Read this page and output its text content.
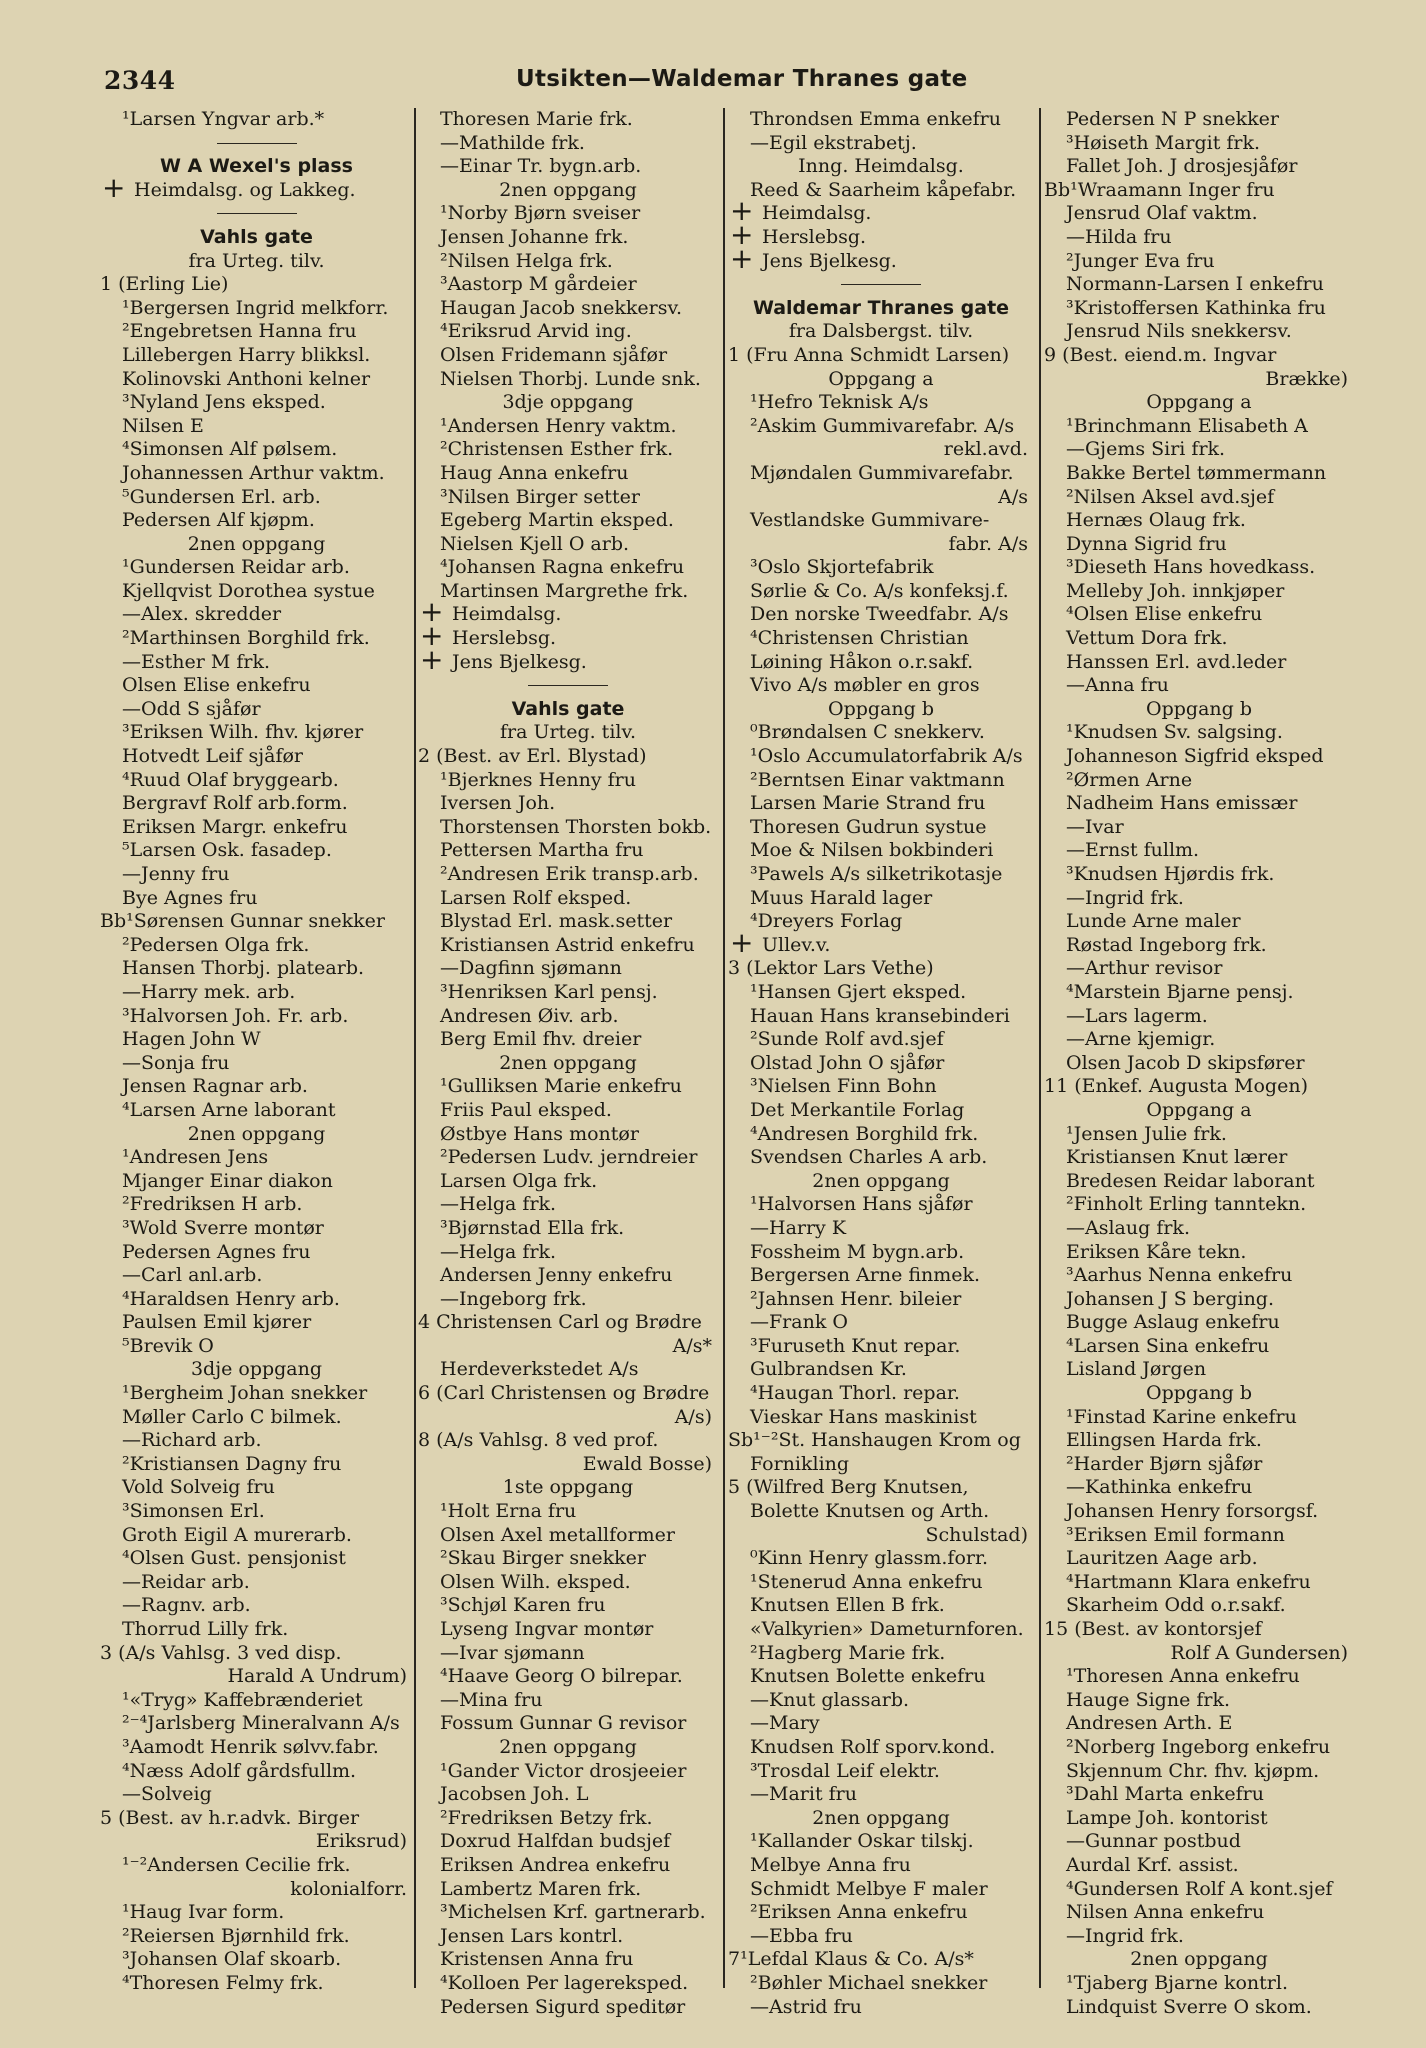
2344	Utsikten—Waldemar Thranes gate
¹Larsen Yngvar arb.*
W A Wexel's plass
+ Heimdalsg. og Lakkeg.
Vahls gate
fra Urteg. tilv.
1 (Erling Lie)
¹Bergersen Ingrid melkforr.
²Engebretsen Hanna fru
Lillebergen Harry blikksl.
Kolinovski Anthoni kelner
³Nyland Jens eksped.
Nilsen E
⁴Simonsen Alf pølsem.
Johannessen Arthur vaktm.
⁵Gundersen Erl. arb.
Pedersen Alf kjøpm.
2nen oppgang
¹Gundersen Reidar arb.
Kjellqvist Dorothea systue
—Alex. skredder
²Marthinsen Borghild frk.
—Esther M frk.
Olsen Elise enkefru
—Odd S sjåfør
³Eriksen Wilh. fhv. kjører
Hotvedt Leif sjåfør
⁴Ruud Olaf bryggearb.
Bergravf Rolf arb.form.
Eriksen Margr. enkefru
⁵Larsen Osk. fasadep.
—Jenny fru
Bye Agnes fru
Bb¹Sørensen Gunnar snekker
²Pedersen Olga frk.
Hansen Thorbj. platearb.
—Harry mek. arb.
³Halvorsen Joh. Fr. arb.
Hagen John W
—Sonja fru
Jensen Ragnar arb.
⁴Larsen Arne laborant
2nen oppgang
¹Andresen Jens
Mjanger Einar diakon
²Fredriksen H arb.
³Wold Sverre montør
Pedersen Agnes fru
—Carl anl.arb.
⁴Haraldsen Henry arb.
Paulsen Emil kjører
⁵Brevik O
3dje oppgang
¹Bergheim Johan snekker
Møller Carlo C bilmek.
—Richard arb.
²Kristiansen Dagny fru
Vold Solveig fru
³Simonsen Erl.
Groth Eigil A murerarb.
⁴Olsen Gust. pensjonist
—Reidar arb.
—Ragnv. arb.
Thorrud Lilly frk.
3 (A/s Vahlsg. 3 ved disp.
Harald A Undrum)
¹«Tryg» Kaffebrænderiet
²⁻⁴Jarlsberg Mineralvann A/s
³Aamodt Henrik sølvv.fabr.
⁴Næss Adolf gårdsfullm.
—Solveig
5 (Best. av h.r.advk. Birger
Eriksrud)
¹⁻²Andersen Cecilie frk.
kolonialforr.
¹Haug Ivar form.
²Reiersen Bjørnhild frk.
³Johansen Olaf skoarb.
⁴Thoresen Felmy frk.
Thoresen Marie frk.
—Mathilde frk.
—Einar Tr. bygn.arb.
2nen oppgang
¹Norby Bjørn sveiser
Jensen Johanne frk.
²Nilsen Helga frk.
³Aastorp M gårdeier
Haugan Jacob snekkersv.
⁴Eriksrud Arvid ing.
Olsen Fridemann sjåfør
Nielsen Thorbj. Lunde snk.
3dje oppgang
¹Andersen Henry vaktm.
²Christensen Esther frk.
Haug Anna enkefru
³Nilsen Birger setter
Egeberg Martin eksped.
Nielsen Kjell O arb.
⁴Johansen Ragna enkefru
Martinsen Margrethe frk.
+ Heimdalsg.
+ Herslebsg.
+ Jens Bjelkesg.
Vahls gate
fra Urteg. tilv.
2 (Best. av Erl. Blystad)
¹Bjerknes Henny fru
Iversen Joh.
Thorstensen Thorsten bokb.
Pettersen Martha fru
²Andresen Erik transp.arb.
Larsen Rolf eksped.
Blystad Erl. mask.setter
Kristiansen Astrid enkefru
—Dagfinn sjømann
³Henriksen Karl pensj.
Andresen Øiv. arb.
Berg Emil fhv. dreier
2nen oppgang
¹Gulliksen Marie enkefru
Friis Paul eksped.
Østbye Hans montør
²Pedersen Ludv. jerndreier
Larsen Olga frk.
—Helga frk.
³Bjørnstad Ella frk.
—Helga frk.
Andersen Jenny enkefru
—Ingeborg frk.
4 Christensen Carl og Brødre
A/s*
Herdeverkstedet A/s
6 (Carl Christensen og Brødre
A/s)
8 (A/s Vahlsg. 8 ved prof.
Ewald Bosse)
1ste oppgang
¹Holt Erna fru
Olsen Axel metallformer
²Skau Birger snekker
Olsen Wilh. eksped.
³Schjøl Karen fru
Lyseng Ingvar montør
—Ivar sjømann
⁴Haave Georg O bilrepar.
—Mina fru
Fossum Gunnar G revisor
2nen oppgang
¹Gander Victor drosjeeier
Jacobsen Joh. L
²Fredriksen Betzy frk.
Doxrud Halfdan budsjef
Eriksen Andrea enkefru
Lambertz Maren frk.
³Michelsen Krf. gartnerarb.
Jensen Lars kontrl.
Kristensen Anna fru
⁴Kolloen Per lagereksped.
Pedersen Sigurd speditør
Throndsen Emma enkefru
—Egil ekstrabetj.
Inng. Heimdalsg.
Reed & Saarheim kåpefabr.
+ Heimdalsg.
+ Herslebsg.
+ Jens Bjelkesg.
Waldemar Thranes gate
fra Dalsbergst. tilv.
1 (Fru Anna Schmidt Larsen)
Oppgang a
¹Hefro Teknisk A/s
²Askim Gummivarefabr. A/s
rekl.avd.
Mjøndalen Gummivarefabr.
A/s
Vestlandske Gummivare-
fabr. A/s
³Oslo Skjortefabrik
Sørlie & Co. A/s konfeksj.f.
Den norske Tweedfabr. A/s
⁴Christensen Christian
Løining Håkon o.r.sakf.
Vivo A/s møbler en gros
Oppgang b
⁰Brøndalsen C snekkerv.
¹Oslo Accumulatorfabrik A/s
²Berntsen Einar vaktmann
Larsen Marie Strand fru
Thoresen Gudrun systue
Moe & Nilsen bokbinderi
³Pawels A/s silketrikotasje
Muus Harald lager
⁴Dreyers Forlag
+ Ullev.v.
3 (Lektor Lars Vethe)
¹Hansen Gjert eksped.
Hauan Hans kransebinderi
²Sunde Rolf avd.sjef
Olstad John O sjåfør
³Nielsen Finn Bohn
Det Merkantile Forlag
⁴Andresen Borghild frk.
Svendsen Charles A arb.
2nen oppgang
¹Halvorsen Hans sjåfør
—Harry K
Fossheim M bygn.arb.
Bergersen Arne finmek.
²Jahnsen Henr. bileier
—Frank O
³Furuseth Knut repar.
Gulbrandsen Kr.
⁴Haugan Thorl. repar.
Vieskar Hans maskinist
Sb¹⁻²St. Hanshaugen Krom og
Fornikling
5 (Wilfred Berg Knutsen,
Bolette Knutsen og Arth.
Schulstad)
⁰Kinn Henry glassm.forr.
¹Stenerud Anna enkefru
Knutsen Ellen B frk.
«Valkyrien» Dameturnforen.
²Hagberg Marie frk.
Knutsen Bolette enkefru
—Knut glassarb.
—Mary
Knudsen Rolf sporv.kond.
³Trosdal Leif elektr.
—Marit fru
2nen oppgang
¹Kallander Oskar tilskj.
Melbye Anna fru
Schmidt Melbye F maler
²Eriksen Anna enkefru
—Ebba fru
7¹Lefdal Klaus & Co. A/s*
²Bøhler Michael snekker
—Astrid fru
Pedersen N P snekker
³Høiseth Margit frk.
Fallet Joh. J drosjesjåfør
Bb¹Wraamann Inger fru
Jensrud Olaf vaktm.
—Hilda fru
²Junger Eva fru
Normann-Larsen I enkefru
³Kristoffersen Kathinka fru
Jensrud Nils snekkersv.
9 (Best. eiend.m. Ingvar
Brække)
Oppgang a
¹Brinchmann Elisabeth A
—Gjems Siri frk.
Bakke Bertel tømmermann
²Nilsen Aksel avd.sjef
Hernæs Olaug frk.
Dynna Sigrid fru
³Dieseth Hans hovedkass.
Melleby Joh. innkjøper
⁴Olsen Elise enkefru
Vettum Dora frk.
Hanssen Erl. avd.leder
—Anna fru
Oppgang b
¹Knudsen Sv. salgsing.
Johanneson Sigfrid eksped
²Ørmen Arne
Nadheim Hans emissær
—Ivar
—Ernst fullm.
³Knudsen Hjørdis frk.
—Ingrid frk.
Lunde Arne maler
Røstad Ingeborg frk.
—Arthur revisor
⁴Marstein Bjarne pensj.
—Lars lagerm.
—Arne kjemigr.
Olsen Jacob D skipsfører
11 (Enkef. Augusta Mogen)
Oppgang a
¹Jensen Julie frk.
Kristiansen Knut lærer
Bredesen Reidar laborant
²Finholt Erling tanntekn.
—Aslaug frk.
Eriksen Kåre tekn.
³Aarhus Nenna enkefru
Johansen J S berging.
Bugge Aslaug enkefru
⁴Larsen Sina enkefru
Lisland Jørgen
Oppgang b
¹Finstad Karine enkefru
Ellingsen Harda frk.
²Harder Bjørn sjåfør
—Kathinka enkefru
Johansen Henry forsorgsf.
³Eriksen Emil formann
Lauritzen Aage arb.
⁴Hartmann Klara enkefru
Skarheim Odd o.r.sakf.
15 (Best. av kontorsjef
Rolf A Gundersen)
¹Thoresen Anna enkefru
Hauge Signe frk.
Andresen Arth. E
²Norberg Ingeborg enkefru
Skjennum Chr. fhv. kjøpm.
³Dahl Marta enkefru
Lampe Joh. kontorist
—Gunnar postbud
Aurdal Krf. assist.
⁴Gundersen Rolf A kont.sjef
Nilsen Anna enkefru
—Ingrid frk.
2nen oppgang
¹Tjaberg Bjarne kontrl.
Lindquist Sverre O skom.
